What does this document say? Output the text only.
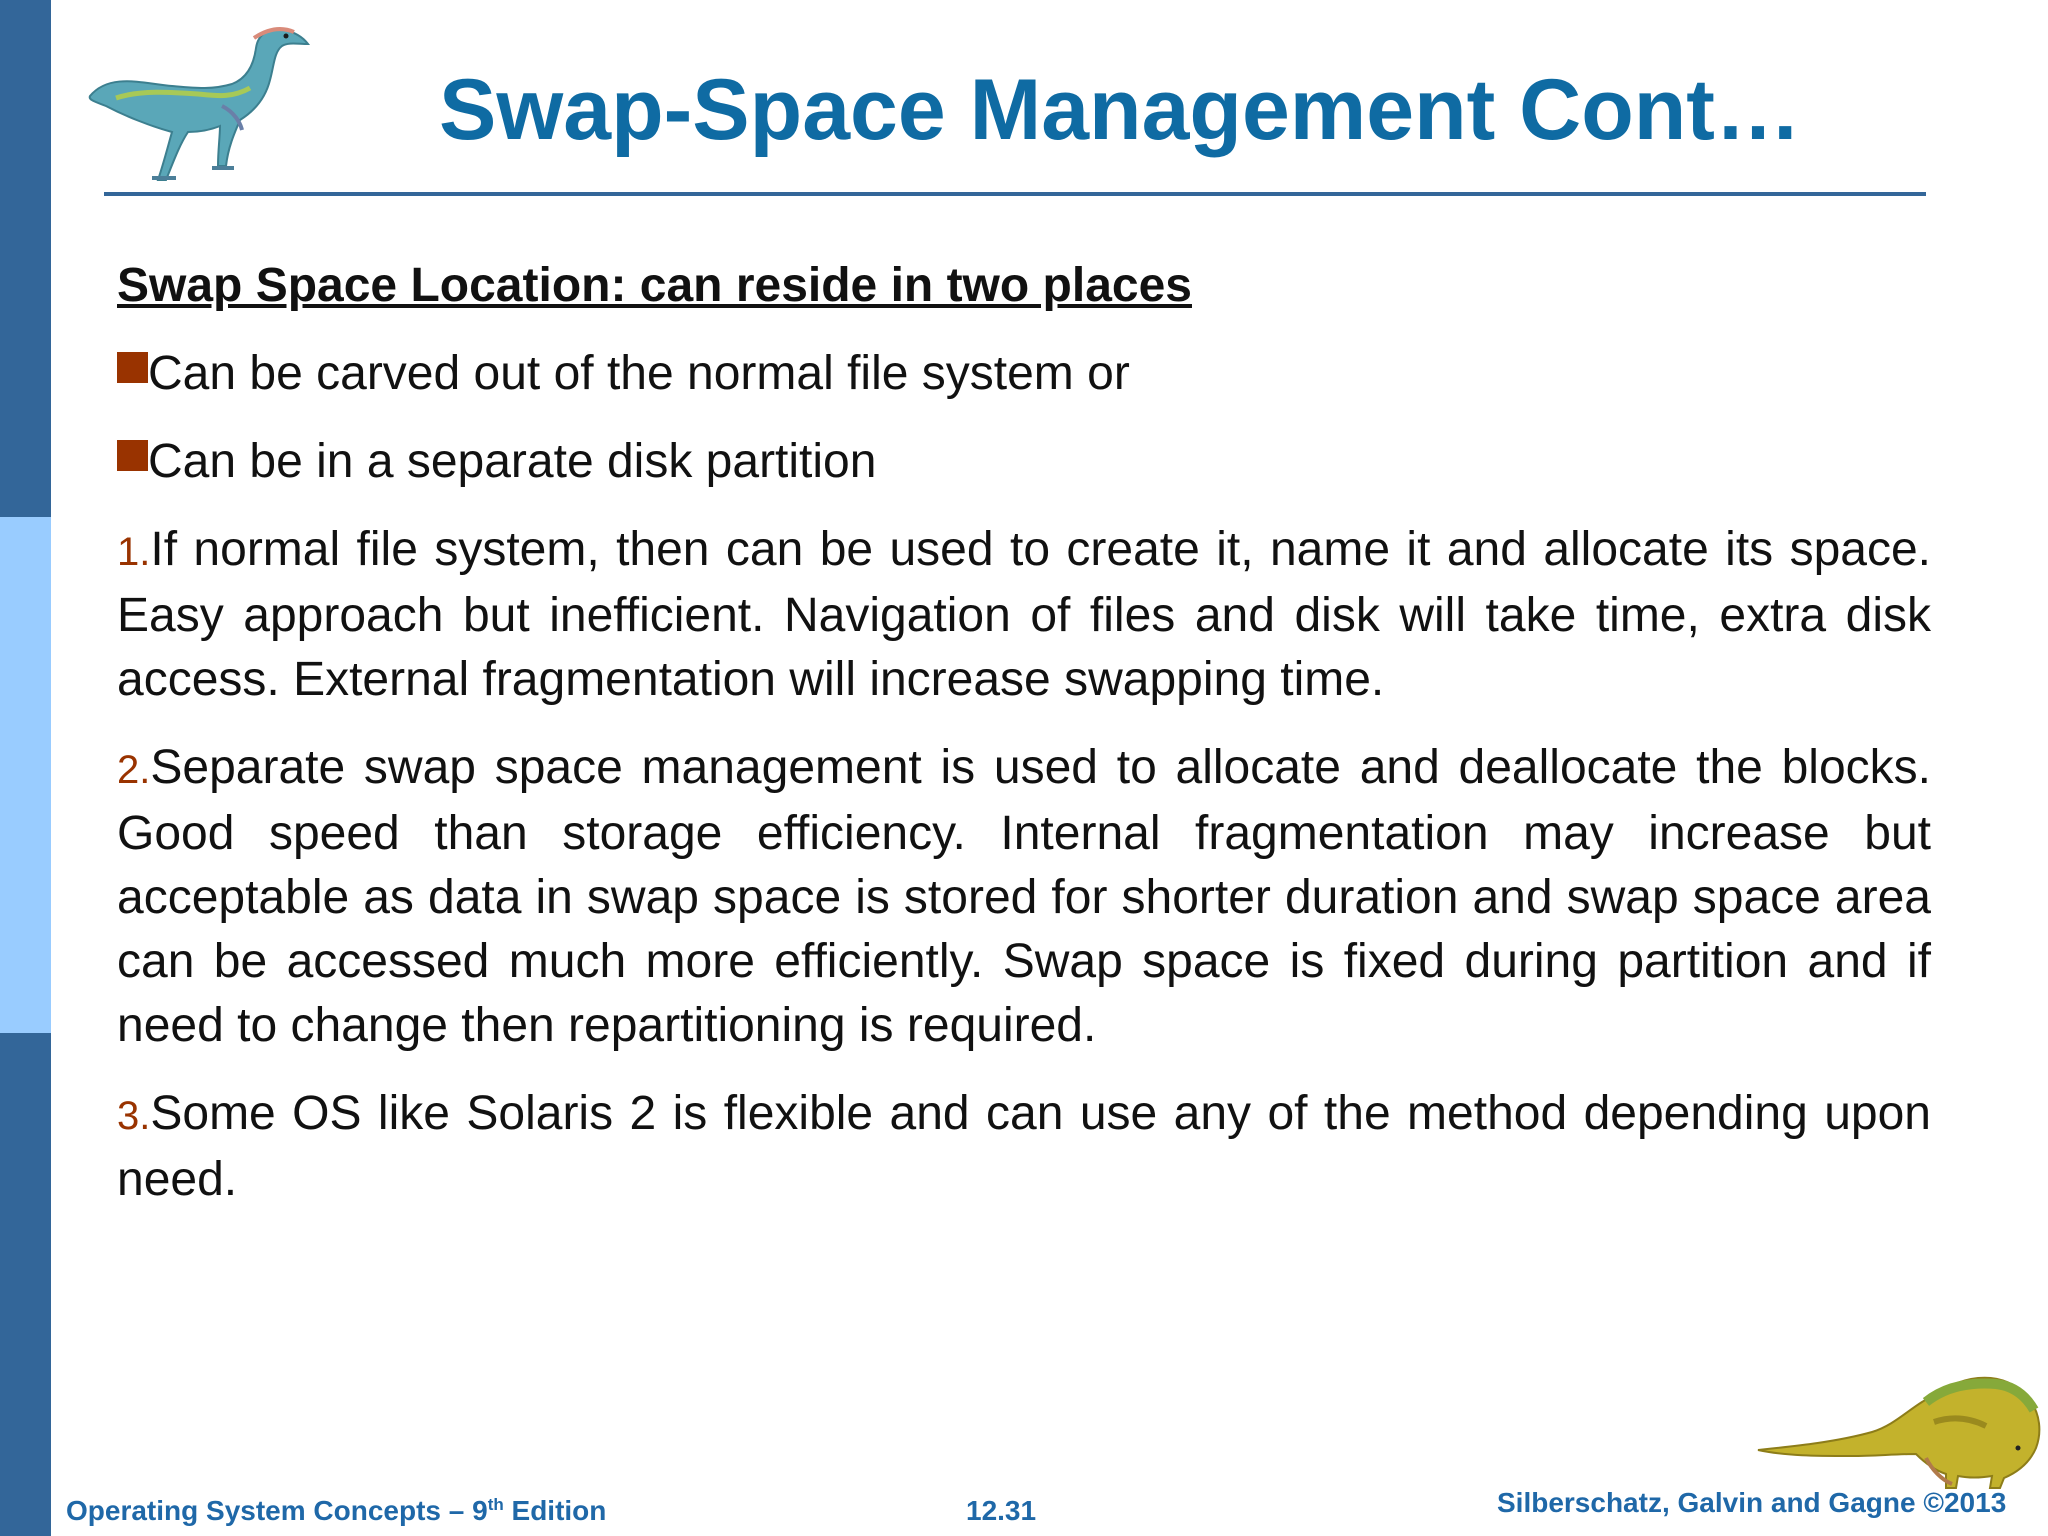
Swap-Space Management Cont…

Swap Space Location: can reside in two places

Can be carved out of the normal file system or

Can be in a separate disk partition

1.If normal file system, then can be used to create it, name it and allocate its space. Easy approach but inefficient. Navigation of files and disk will take time, extra disk access. External fragmentation will increase swapping time.

2.Separate swap space management is used to allocate and deallocate the blocks. Good speed than storage efficiency. Internal fragmentation may increase but acceptable as data in swap space is stored for shorter duration and swap space area can be accessed much more efficiently. Swap space is fixed during partition and if need to change then repartitioning is required.

3.Some OS like Solaris 2 is flexible and can use any of the method depending upon need.

Operating System Concepts – 9th Edition	12.31	Silberschatz, Galvin and Gagne ©2013
